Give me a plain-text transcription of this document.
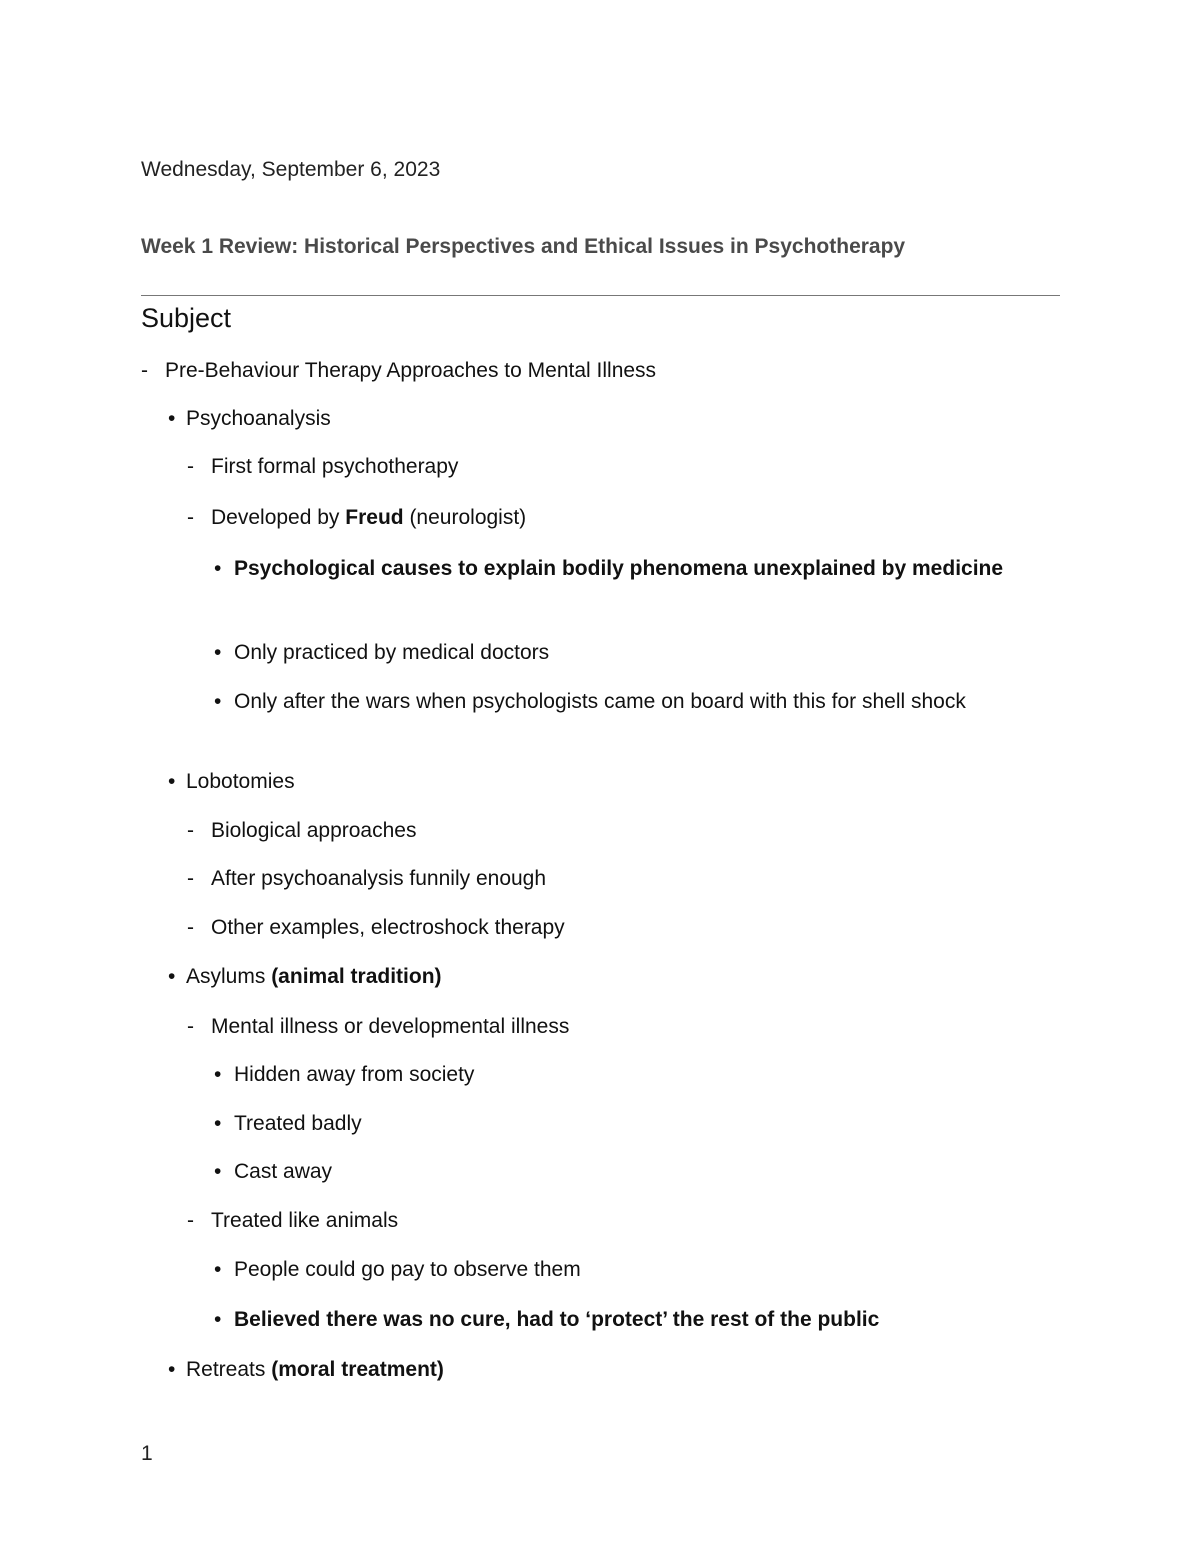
Wednesday, September 6, 2023
Week 1 Review: Historical Perspectives and Ethical Issues in Psychotherapy
Subject
- Pre-Behaviour Therapy Approaches to Mental Illness
• Psychoanalysis
- First formal psychotherapy
- Developed by Freud (neurologist)
• Psychological causes to explain bodily phenomena unexplained by medicine
• Only practiced by medical doctors
• Only after the wars when psychologists came on board with this for shell shock
• Lobotomies
- Biological approaches
- After psychoanalysis funnily enough
- Other examples, electroshock therapy
• Asylums (animal tradition)
- Mental illness or developmental illness
• Hidden away from society
• Treated badly
• Cast away
- Treated like animals
• People could go pay to observe them
• Believed there was no cure, had to ‘protect’ the rest of the public
• Retreats (moral treatment)
1
